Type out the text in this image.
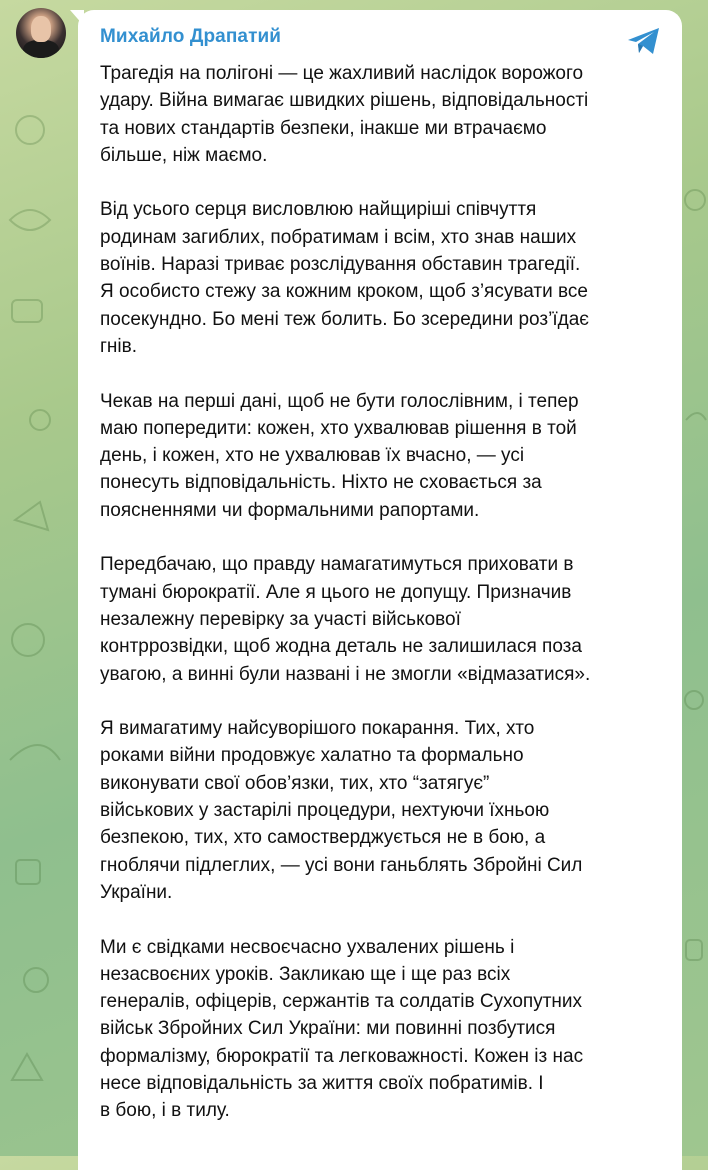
Михайло Драпатий

Трагедія на полігоні — це жахливий наслідок ворожого
удару. Війна вимагає швидких рішень, відповідальності
та нових стандартів безпеки, інакше ми втрачаємо
більше, ніж маємо.

Від усього серця висловлюю найщиріші співчуття
родинам загиблих, побратимам і всім, хто знав наших
воїнів. Наразі триває розслідування обставин трагедії.
Я особисто стежу за кожним кроком, щоб з’ясувати все
посекундно. Бо мені теж болить. Бо зсередини роз’їдає
гнів.

Чекав на перші дані, щоб не бути голослівним, і тепер
маю попередити: кожен, хто ухвалював рішення в той
день, і кожен, хто не ухвалював їх вчасно, — усі
понесуть відповідальність. Ніхто не сховається за
поясненнями чи формальними рапортами.

Передбачаю, що правду намагатимуться приховати в
тумані бюрократії. Але я цього не допущу. Призначив
незалежну перевірку за участі військової
контррозвідки, щоб жодна деталь не залишилася поза
увагою, а винні були названі і не змогли «відмазатися».

Я вимагатиму найсуворішого покарання. Тих, хто
роками війни продовжує халатно та формально
виконувати свої обов’язки, тих, хто “затягує”
військових у застарілі процедури, нехтуючи їхньою
безпекою, тих, хто самостверджується не в бою, а
гноблячи підлеглих, — усі вони ганьблять Збройні Сил
України.

Ми є свідками несвоєчасно ухвалених рішень і
незасвоєних уроків. Закликаю ще і ще раз всіх
генералів, офіцерів, сержантів та солдатів Сухопутних
військ Збройних Сил України: ми повинні позбутися
формалізму, бюрократії та легковажності. Кожен із нас
несе відповідальність за життя своїх побратимів. І
в бою, і в тилу.
